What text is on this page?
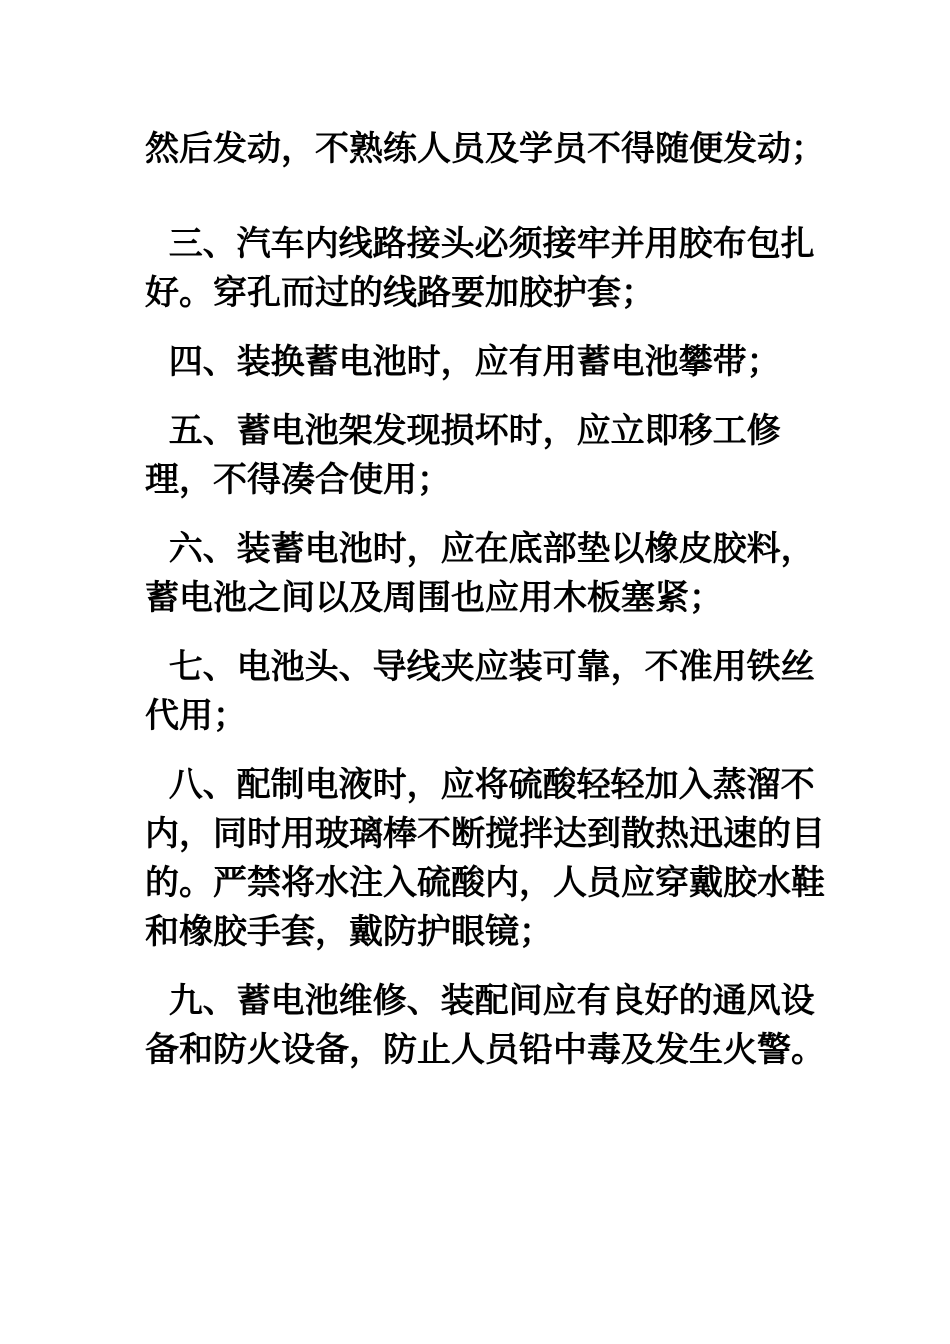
然后发动，不熟练人员及学员不得随便发动；

三、汽车内线路接头必须接牢并用胶布包扎好。穿孔而过的线路要加胶护套；

四、装换蓄电池时，应有用蓄电池攀带；

五、蓄电池架发现损坏时，应立即移工修理，不得凑合使用；

六、装蓄电池时，应在底部垫以橡皮胶料，蓄电池之间以及周围也应用木板塞紧；

七、电池头、导线夹应装可靠，不准用铁丝代用；

八、配制电液时，应将硫酸轻轻加入蒸溜不内，同时用玻璃棒不断搅拌达到散热迅速的目的。严禁将水注入硫酸内，人员应穿戴胶水鞋和橡胶手套，戴防护眼镜；

九、蓄电池维修、装配间应有良好的通风设备和防火设备，防止人员铅中毒及发生火警。
